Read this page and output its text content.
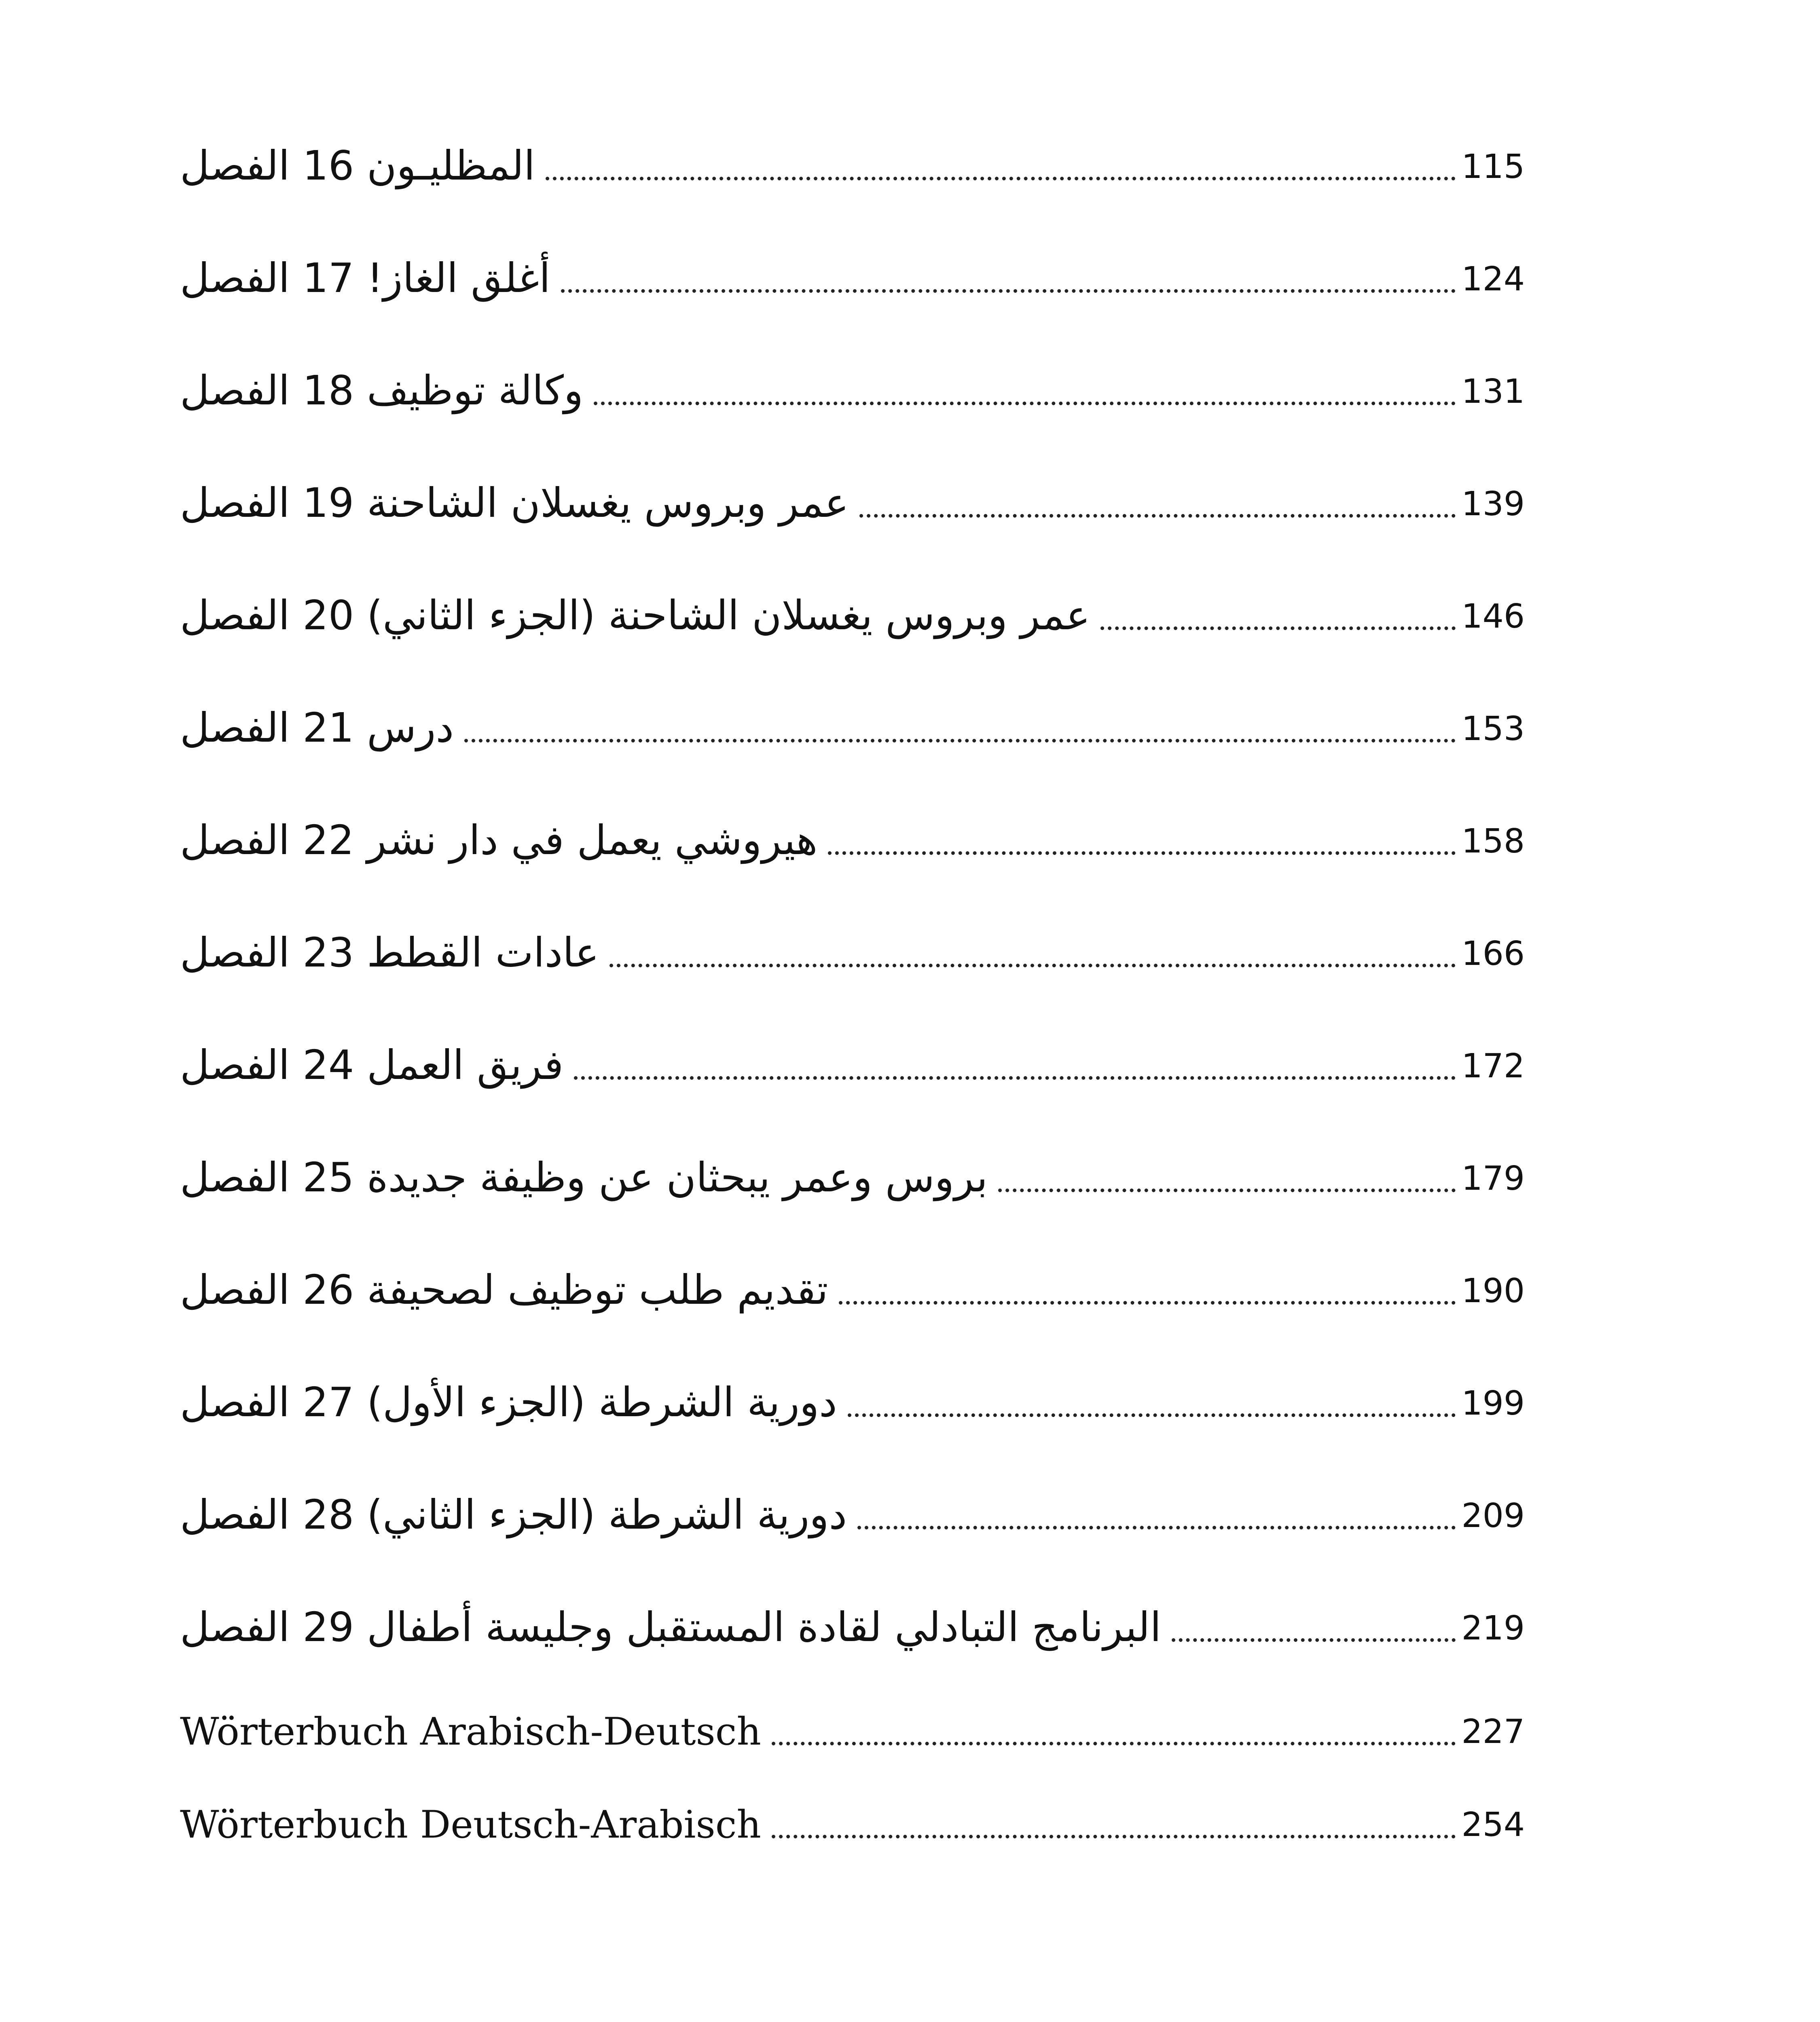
المظليـون 16 الفصل	115
أغلق الغاز! 17 الفصل	124
وكالة توظيف 18 الفصل	131
عمر وبروس يغسلان الشاحنة 19 الفصل	139
عمر وبروس يغسلان الشاحنة (الجزء الثاني) 20 الفصل	146
درس 21 الفصل	153
هيروشي يعمل في دار نشر 22 الفصل	158
عادات القطط 23 الفصل	166
فريق العمل 24 الفصل	172
بروس وعمر يبحثان عن وظيفة جديدة 25 الفصل	179
تقديم طلب توظيف لصحيفة 26 الفصل	190
دورية الشرطة (الجزء الأول) 27 الفصل	199
دورية الشرطة (الجزء الثاني) 28 الفصل	209
البرنامج التبادلي لقادة المستقبل وجليسة أطفال 29 الفصل	219
Wörterbuch Arabisch-Deutsch	227
Wörterbuch Deutsch-Arabisch	254
